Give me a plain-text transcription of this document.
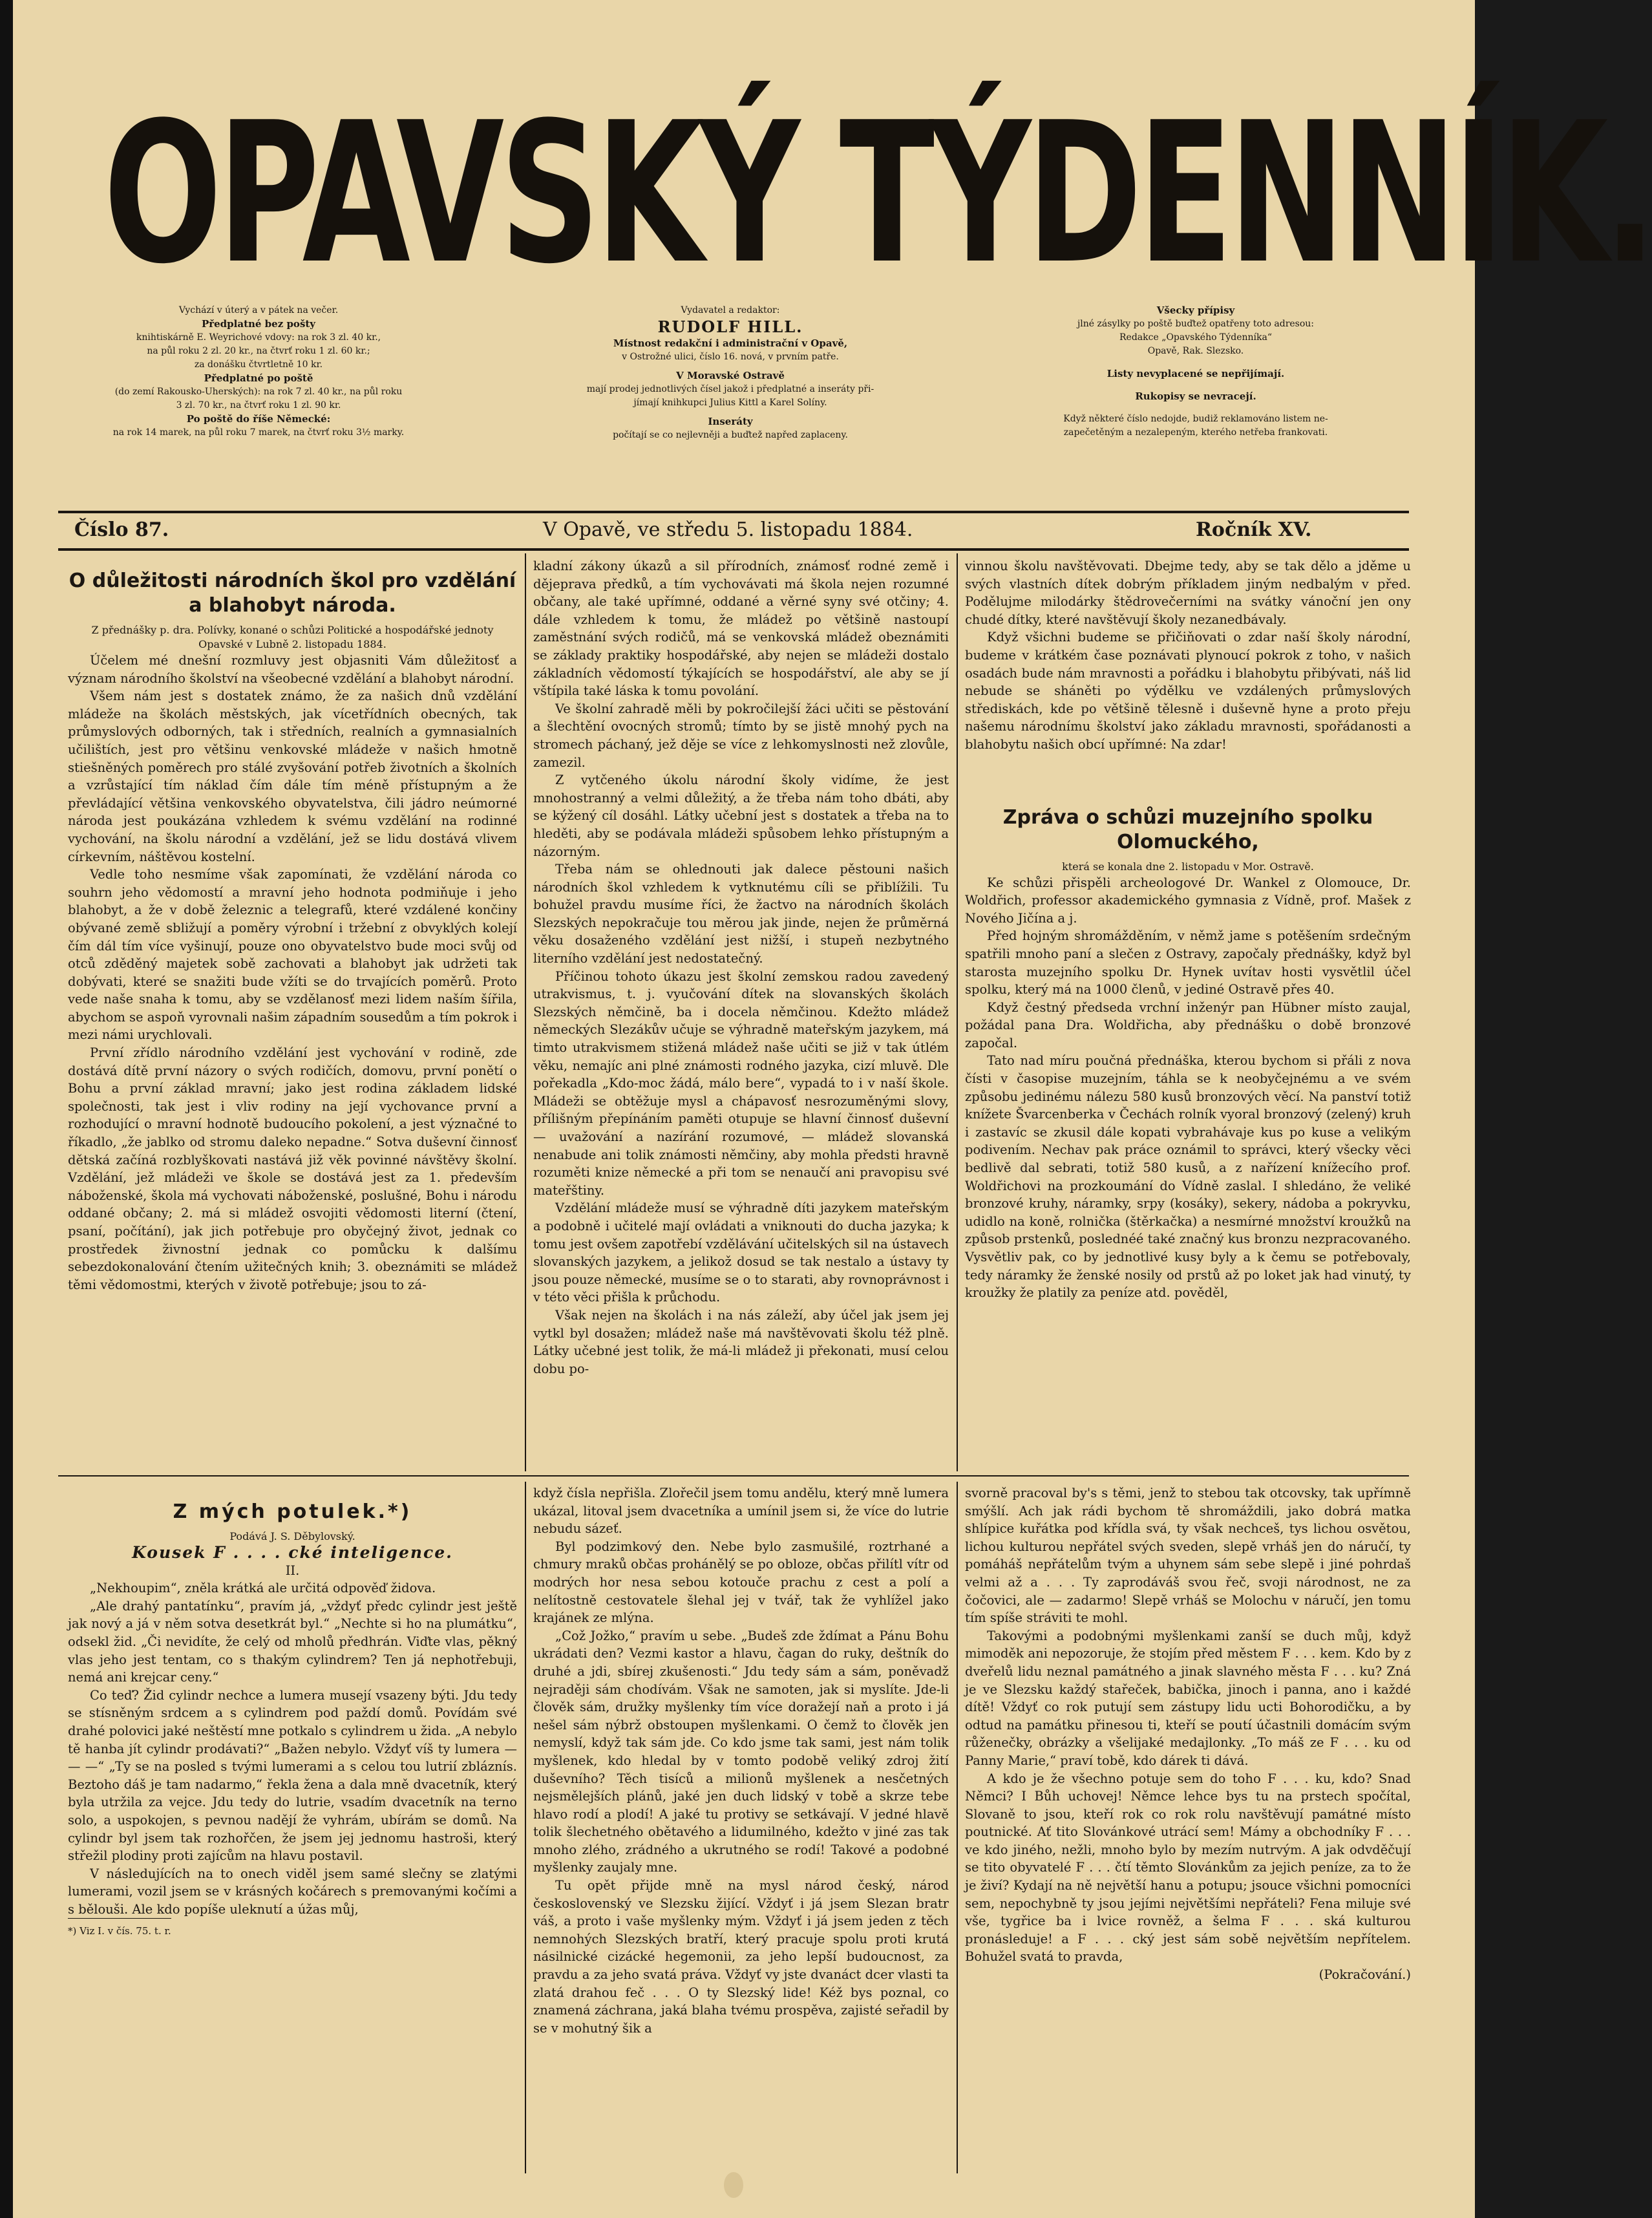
OPAVSKÝ TÝDENNÍK.
Vychází v úterý a v pátek na večer.
Předplatné bez pošty
knihtiskárně E. Weyrichové vdovy: na rok 3 zl. 40 kr.,
na půl roku 2 zl. 20 kr., na čtvrť roku 1 zl. 60 kr.;
za donášku čtvrtletně 10 kr.
Předplatné po poště
(do zemí Rakousko-Uherských): na rok 7 zl. 40 kr., na půl roku
3 zl. 70 kr., na čtvrť roku 1 zl. 90 kr.
Po poště do říše Německé:
na rok 14 marek, na půl roku 7 marek, na čtvrť roku 3½ marky.
Vydavatel a redaktor:
RUDOLF HILL.
Místnost redakční i administrační v Opavě,
v Ostrožné ulici, číslo 16. nová, v prvním patře.
V Moravské Ostravě
mají prodej jednotlivých čísel jakož i předplatné a inseráty při-
jímají knihkupci Julius Kittl a Karel Solíny.
Inseráty
počítají se co nejlevněji a buďtež napřed zaplaceny.
Všecky přípisy
jlné zásylky po poště buďtež opatřeny toto adresou:
Redakce „Opavského Týdenníka“
Opavě, Rak. Slezsko.
Listy nevyplacené se nepřijímají.
Rukopisy se nevracejí.
Když některé číslo nedojde, budiž reklamováno listem ne-
zapečetěným a nezalepeným, kterého netřeba frankovati.
Číslo 87.	V Opavě, ve středu 5. listopadu 1884.	Ročník XV.

O důležitosti národních škol pro vzdělání a blahobyt národa.

Z přednášky p. dra. Polívky, konané o schůzi Politické a hospodářské jednoty Opavské v Lubně 2. listopadu 1884.

Účelem mé dnešní rozmluvy jest objasniti Vám důležitosť a význam národního školství na všeobecné vzdělání a blahobyt národní.

Všem nám jest s dostatek známo, že za našich dnů vzdělání mládeže na školách městských, jak vícetřídních obecných, tak průmyslových odborných, tak i středních, realních a gymnasialních učilištích, jest pro většinu venkovské mládeže v našich hmotně stiešněných poměrech pro stálé zvyšování potřeb životních a školních a vzrůstající tím náklad čím dále tím méně přístupným a že převládající většina venkovského obyvatelstva, čili jádro neúmorné národa jest poukázána vzhledem k svému vzdělání na rodinné vychování, na školu národní a vzdělání, jež se lidu dostává vlivem církevním, náštěvou kostelní.

Vedle toho nesmíme však zapomínati, že vzdělání národa co souhrn jeho vědomostí a mravní jeho hodnota podmiňuje i jeho blahobyt, a že v době železnic a telegrafů, které vzdálené končiny obývané země sbližují a poměry výrobní i tržební z obvyklých kolejí čím dál tím více vyšinují, pouze ono obyvatelstvo bude moci svůj od otců zděděný majetek sobě zachovati a blahobyt jak udržeti tak dobývati, které se snažiti bude vžíti se do trvajících poměrů. Proto vede naše snaha k tomu, aby se vzdělanosť mezi lidem naším šířila, abychom se aspoň vyrovnali našim západním sousedům a tím pokrok i mezi námi urychlovali.

První zřídlo národního vzdělání jest vychování v rodině, zde dostává dítě první názory o svých rodičích, domovu, první ponětí o Bohu a první základ mravní; jako jest rodina základem lidské společnosti, tak jest i vliv rodiny na její vychovance první a rozhodující o mravní hodnotě budoucího pokolení, a jest význačné to říkadlo, „že jablko od stromu daleko nepadne.“ Sotva duševní činnosť dětská začíná rozblyškovati nastává již věk povinné návštěvy školní. Vzdělání, jež mládeži ve škole se dostává jest za 1. především náboženské, škola má vychovati náboženské, poslušné, Bohu i národu oddané občany; 2. má si mládež osvojiti vědomosti literní (čtení, psaní, počítání), jak jich potřebuje pro obyčejný život, jednak co prostředek živnostní jednak co pomůcku k dalšímu sebezdokonalování čtením užitečných knih; 3. obeznámiti se mládež těmi vědomostmi, kterých v životě potřebuje; jsou to zá-

kladní zákony úkazů a sil přírodních, známosť rodné země i dějeprava předků, a tím vychovávati má škola nejen rozumné občany, ale také upřímné, oddané a věrné syny své otčiny; 4. dále vzhledem k tomu, že mládež po většině nastoupí zaměstnání svých rodičů, má se venkovská mládež obeznámiti se základy praktiky hospodářské, aby nejen se mládeži dostalo základních vědomostí týkajících se hospodářství, ale aby se jí vštípila také láska k tomu povolání.

Ve školní zahradě měli by pokročilejší žáci učiti se pěstování a šlechtění ovocných stromů; tímto by se jistě mnohý pych na stromech páchaný, jež děje se více z lehkomyslnosti než zlovůle, zamezil.

Z vytčeného úkolu národní školy vidíme, že jest mnohostranný a velmi důležitý, a že třeba nám toho dbáti, aby se kýžený cíl dosáhl. Látky učební jest s dostatek a třeba na to hleděti, aby se podávala mládeži spůsobem lehko přístupným a názorným.

Třeba nám se ohlednouti jak dalece pěstouni našich národních škol vzhledem k vytknutému cíli se přiblížili. Tu bohužel pravdu musíme říci, že žactvo na národních školách Slezských nepokračuje tou měrou jak jinde, nejen že průměrná věku dosaženého vzdělání jest nižší, i stupeň nezbytného literního vzdělání jest nedostatečný.

Příčinou tohoto úkazu jest školní zemskou radou zavedený utrakvismus, t. j. vyučování dítek na slovanských školách Slezských němčině, ba i docela němčinou. Kdežto mládež německých Slezákův učuje se výhradně mateřským jazykem, má timto utrakvismem stižená mládež naše učiti se již v tak útlém věku, nemajíc ani plné známosti rodného jazyka, cizí mluvě. Dle pořekadla „Kdo-moc žádá, málo bere“, vypadá to i v naší škole. Mládeži se obtěžuje mysl a chápavosť nesrozuměnými slovy, přílišným přepínáním paměti otupuje se hlavní činnosť duševní — uvažování a nazírání rozumové, — mládež slovanská nenabude ani tolik známosti němčiny, aby mohla předsti hravně rozuměti knize německé a při tom se nenaučí ani pravopisu své mateřštiny.

Vzdělání mládeže musí se výhradně díti jazykem mateřským a podobně i učitelé mají ovládati a vniknouti do ducha jazyka; k tomu jest ovšem zapotřebí vzdělávání učitelských sil na ústavech slovanských jazykem, a jelikož dosud se tak nestalo a ústavy ty jsou pouze německé, musíme se o to starati, aby rovnoprávnost i v této věci přišla k průchodu.

Však nejen na školách i na nás záleží, aby účel jak jsem jej vytkl byl dosažen; mládež naše má navštěvovati školu též plně. Látky učebné jest tolik, že má-li mládež ji překonati, musí celou dobu po-

vinnou školu navštěvovati. Dbejme tedy, aby se tak dělo a jděme u svých vlastních dítek dobrým příkladem jiným nedbalým v před. Podělujme milodárky štědrovečerními na svátky vánoční jen ony chudé dítky, které navštěvují školy nezanedbávaly.

Když všichni budeme se přičiňovati o zdar naší školy národní, budeme v krátkém čase poznávati plynoucí pokrok z toho, v našich osadách bude nám mravnosti a pořádku i blahobytu přibývati, náš lid nebude se sháněti po výdělku ve vzdálených průmyslových střediskách, kde po většině tělesně i duševně hyne a proto přeju našemu národnímu školství jako základu mravnosti, spořádanosti a blahobytu našich obcí upřímné: Na zdar!

Zpráva o schůzi muzejního spolku Olomuckého,

která se konala dne 2. listopadu v Mor. Ostravě.

Ke schůzi přispěli archeologové Dr. Wankel z Olomouce, Dr. Woldřich, professor akademického gymnasia z Vídně, prof. Mašek z Nového Jičína a j.

Před hojným shromážděním, v němž jame s potěšením srdečným spatřili mnoho paní a slečen z Ostravy, započaly přednášky, když byl starosta muzejního spolku Dr. Hynek uvítav hosti vysvětlil účel spolku, který má na 1000 členů, v jediné Ostravě přes 40.

Když čestný předseda vrchní inženýr pan Hübner místo zaujal, požádal pana Dra. Woldřicha, aby přednášku o době bronzové započal.

Tato nad míru poučná přednáška, kterou bychom si přáli z nova čísti v časopise muzejním, táhla se k neobyčejnému a ve svém způsobu jedinému nálezu 580 kusů bronzových věcí. Na panství totiž knížete Švarcenberka v Čechách rolník vyoral bronzový (zelený) kruh i zastavíc se zkusil dále kopati vybrahávaje kus po kuse a velikým podivením. Nechav pak práce oznámil to správci, který všecky věci bedlivě dal sebrati, totiž 580 kusů, a z nařízení knížecího prof. Woldřichovi na prozkoumání do Vídně zaslal. I shledáno, že veliké bronzové kruhy, náramky, srpy (kosáky), sekery, nádoba a pokryvku, udidlo na koně, rolnička (štěrkačka) a nesmírné množství kroužků na způsob prstenků, poslednéé také značný kus bronzu nezpracovaného. Vysvětliv pak, co by jednotlivé kusy byly a k čemu se potřebovaly, tedy náramky že ženské nosily od prstů až po loket jak had vinutý, ty kroužky že platily za peníze atd. pověděl,

Z mých potulek.*)

Podává J. S. Děbylovský.

Kousek F . . . . cké inteligence.

II.

„Nekhoupim“, zněla krátká ale určitá odpověď židova.

„Ale drahý pantatínku“, pravím já, „vždyť předc cylindr jest ještě jak nový a já v něm sotva desetkrát byl.“ „Nechte si ho na plumátku“, odsekl žid. „Či nevidíte, že celý od mholů předhrán. Viďte vlas, pěkný vlas jeho jest tentam, co s thakým cylindrem? Ten já nephotřebuji, nemá ani krejcar ceny.“

Co teď? Žid cylindr nechce a lumera musejí vsazeny býti. Jdu tedy se stísněným srdcem a s cylindrem pod paždí domů. Povídám své drahé polovici jaké neštěstí mne potkalo s cylindrem u žida. „A nebylo tě hanba jít cylindr prodávati?“ „Bažen nebylo. Vždyť víš ty lumera — — —“ „Ty se na posled s tvými lumerami a s celou tou lutrií zbláznís. Beztoho dáš je tam nadarmo,“ řekla žena a dala mně dvacetník, který byla utržila za vejce. Jdu tedy do lutrie, vsadím dvacetník na terno solo, a uspokojen, s pevnou nadějí že vyhrám, ubírám se domů. Na cylindr byl jsem tak rozhořčen, že jsem jej jednomu hastroši, který střežil plodiny proti zajícům na hlavu postavil.

V následujících na to onech viděl jsem samé slečny se zlatými lumerami, vozil jsem se v krásných kočárech s premovanými kočími a s bělouši. Ale kdo popíše uleknutí a úžas můj,

*) Viz I. v čís. 75. t. r.

když čísla nepřišla. Zlořečil jsem tomu andělu, který mně lumera ukázal, litoval jsem dvacetníka a umínil jsem si, že více do lutrie nebudu sázeť.

Byl podzimkový den. Nebe bylo zasmušilé, roztrhané a chmury mraků občas prohánělý se po obloze, občas přilítl vítr od modrých hor nesa sebou kotouče prachu z cest a polí a nelítostně cestovatele šlehal jej v tvář, tak že vyhlížel jako krajánek ze mlýna.

„Což Jožko,“ pravím u sebe. „Budeš zde ždímat a Pánu Bohu ukrádati den? Vezmi kastor a hlavu, čagan do ruky, deštník do druhé a jdi, sbírej zkušenosti.“ Jdu tedy sám a sám, poněvadž nejraději sám chodívám. Však ne samoten, jak si myslíte. Jde-li člověk sám, družky myšlenky tím více doražejí naň a proto i já nešel sám nýbrž obstoupen myšlenkami. O čemž to člověk jen nemyslí, když tak sám jde. Co kdo jsme tak sami, jest nám tolik myšlenek, kdo hledal by v tomto podobě veliký zdroj žití duševního? Těch tisíců a milionů myšlenek a nesčetných nejsmělejších plánů, jaké jen duch lidský v tobě a skrze tebe hlavo rodí a plodí! A jaké tu protivy se setkávají. V jedné hlavě tolik šlechetného obětavého a lidumilného, kdežto v jiné zas tak mnoho zlého, zrádného a ukrutného se rodí! Takové a podobné myšlenky zaujaly mne.

Tu opět přijde mně na mysl národ český, národ československý ve Slezsku žijící. Vždyť i já jsem Slezan bratr váš, a proto i vaše myšlenky mým. Vždyť i já jsem jeden z těch nemnohých Slezských bratří, který pracuje spolu proti krutá násilnické cizácké hegemonii, za jeho lepší budoucnost, za pravdu a za jeho svatá práva. Vždyť vy jste dvanáct dcer vlasti ta zlatá drahou feč . . . O ty Slezský lide! Kéž bys poznal, co znamená záchrana, jaká blaha tvému prospěva, zajisté seřadil by se v mohutný šik a

svorně pracoval by's s těmi, jenž to stebou tak otcovsky, tak upřímně smýšlí. Ach jak rádi bychom tě shromáždili, jako dobrá matka shlípice kuřátka pod křídla svá, ty však nechceš, tys lichou osvětou, lichou kulturou nepřátel svých sveden, slepě vrháš jen do náručí, ty pomáháš nepřátelům tvým a uhynem sám sebe slepě i jiné pohrdaš velmi až a . . . Ty zaprodáváš svou řeč, svoji národnost, ne za čočovici, ale — zadarmo! Slepě vrháš se Molochu v náručí, jen tomu tím spíše stráviti te mohl.

Takovými a podobnými myšlenkami zanší se duch můj, když mimoděk ani nepozoruje, že stojím před městem F . . . kem. Kdo by z dveřelů lidu neznal památného a jinak slavného města F . . . ku? Zná je ve Slezsku každý stařeček, babička, jinoch i panna, ano i každé dítě! Vždyť co rok putují sem zástupy lidu ucti Bohorodičku, a by odtud na památku přinesou ti, kteří se poutí účastnili domácím svým růženečky, obrázky a všelijaké medajlonky. „To máš ze F . . . ku od Panny Marie,“ praví tobě, kdo dárek ti dává.

A kdo je že všechno potuje sem do toho F . . . ku, kdo? Snad Němci? I Bůh uchovej! Němce lehce bys tu na prstech spočítal, Slovaně to jsou, kteří rok co rok rolu navštěvují památné místo poutnické. Ať tito Slovánkové utrácí sem! Mámy a obchodníky F . . . ve kdo jiného, nežli, mnoho bylo by mezím nutrvým. A jak odvděčují se tito obyvatelé F . . . čtí těmto Slovánkům za jejich peníze, za to že je živí? Kydají na ně největší hanu a potupu; jsouce všichni pomocníci sem, nepochybně ty jsou jejími největšími nepřáteli? Fena miluje své vše, tygřice ba i lvice rovněž, a šelma F . . . ská kulturou pronásleduje! a F . . . cký jest sám sobě největším nepřítelem. Bohužel svatá to pravda,

(Pokračování.)
